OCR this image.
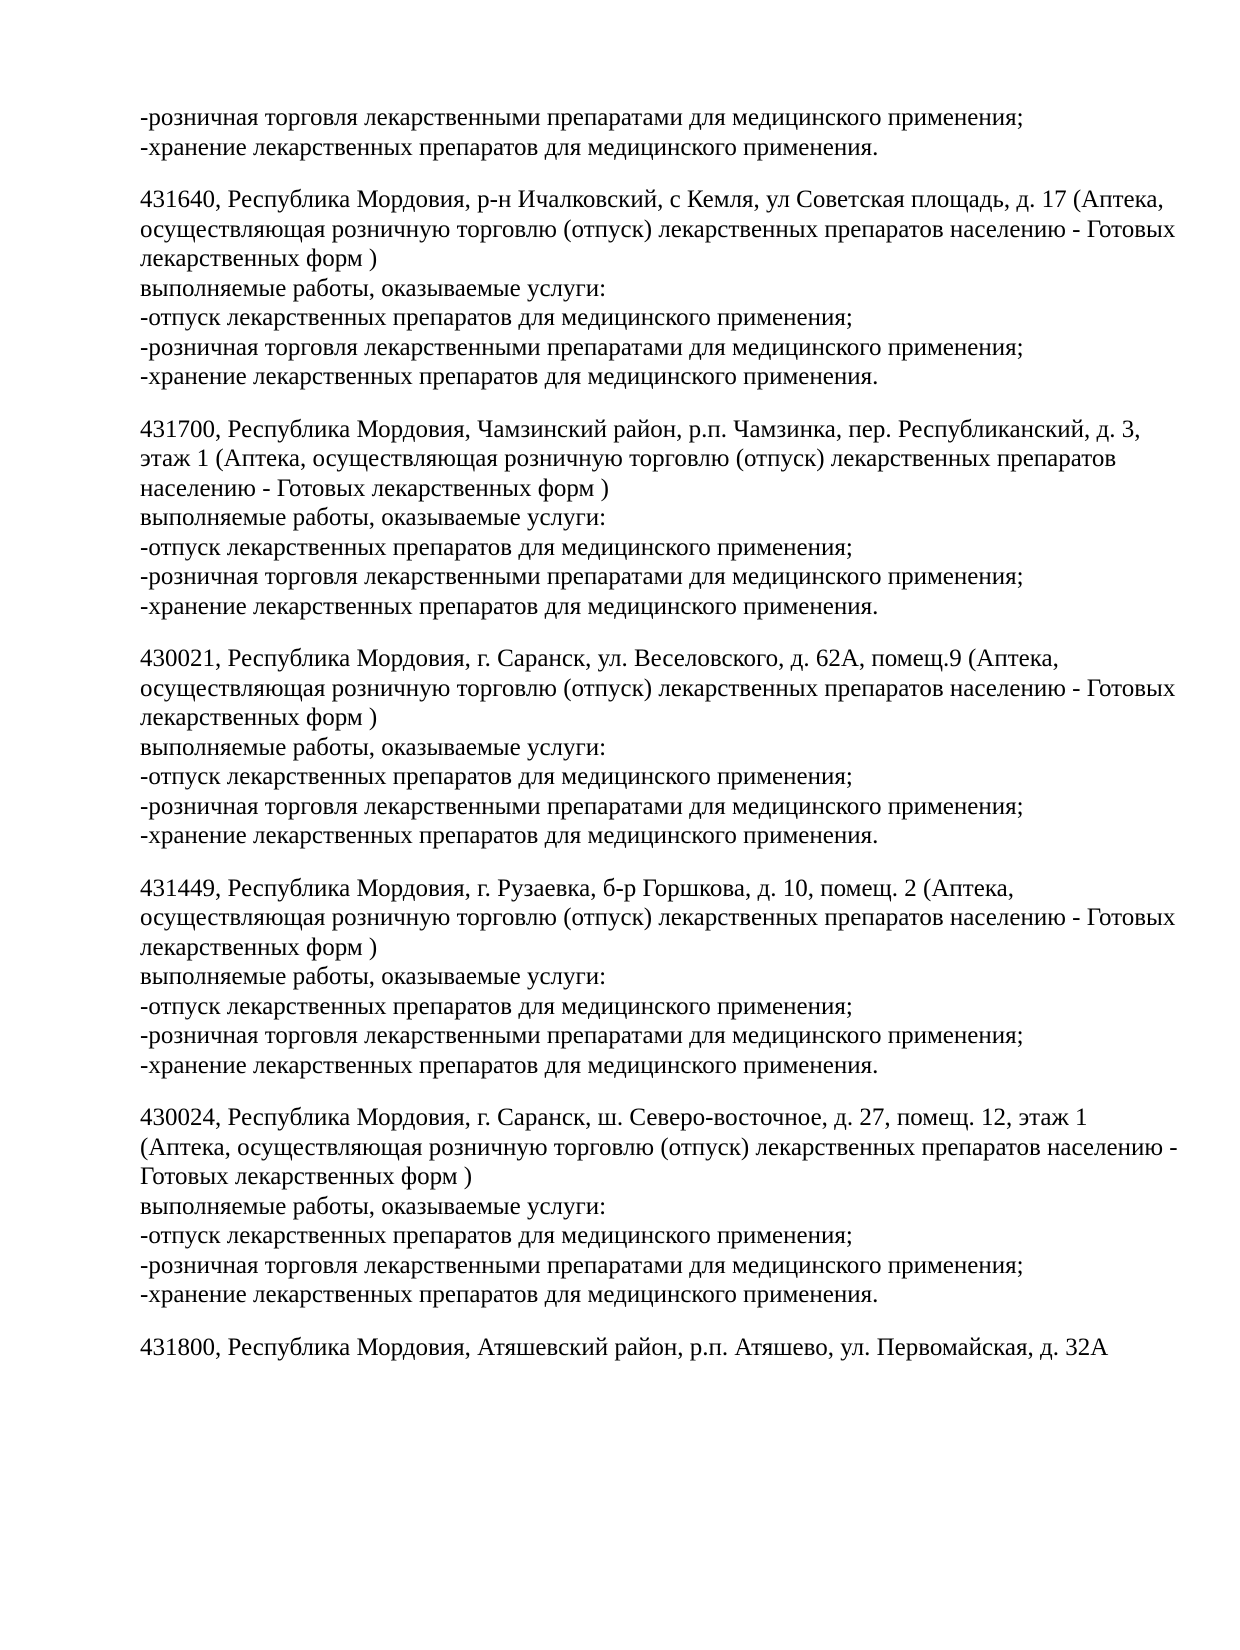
-розничная торговля лекарственными препаратами для медицинского применения;
-хранение лекарственных препаратов для медицинского применения.
431640, Республика Мордовия, р-н Ичалковский, с Кемля, ул Советская площадь, д. 17 (Аптека,
осуществляющая розничную торговлю (отпуск) лекарственных препаратов населению - Готовых
лекарственных форм )
выполняемые работы, оказываемые услуги:
-отпуск лекарственных препаратов для медицинского применения;
-розничная торговля лекарственными препаратами для медицинского применения;
-хранение лекарственных препаратов для медицинского применения.
431700, Республика Мордовия, Чамзинский район, р.п. Чамзинка, пер. Республиканский, д. 3,
этаж 1 (Аптека, осуществляющая розничную торговлю (отпуск) лекарственных препаратов
населению - Готовых лекарственных форм )
выполняемые работы, оказываемые услуги:
-отпуск лекарственных препаратов для медицинского применения;
-розничная торговля лекарственными препаратами для медицинского применения;
-хранение лекарственных препаратов для медицинского применения.
430021, Республика Мордовия, г. Саранск, ул. Веселовского, д. 62А, помещ.9 (Аптека,
осуществляющая розничную торговлю (отпуск) лекарственных препаратов населению - Готовых
лекарственных форм )
выполняемые работы, оказываемые услуги:
-отпуск лекарственных препаратов для медицинского применения;
-розничная торговля лекарственными препаратами для медицинского применения;
-хранение лекарственных препаратов для медицинского применения.
431449, Республика Мордовия, г. Рузаевка, б-р Горшкова, д. 10, помещ. 2 (Аптека,
осуществляющая розничную торговлю (отпуск) лекарственных препаратов населению - Готовых
лекарственных форм )
выполняемые работы, оказываемые услуги:
-отпуск лекарственных препаратов для медицинского применения;
-розничная торговля лекарственными препаратами для медицинского применения;
-хранение лекарственных препаратов для медицинского применения.
430024, Республика Мордовия, г. Саранск, ш. Северо-восточное, д. 27, помещ. 12, этаж 1
(Аптека, осуществляющая розничную торговлю (отпуск) лекарственных препаратов населению -
Готовых лекарственных форм )
выполняемые работы, оказываемые услуги:
-отпуск лекарственных препаратов для медицинского применения;
-розничная торговля лекарственными препаратами для медицинского применения;
-хранение лекарственных препаратов для медицинского применения.
431800, Республика Мордовия, Атяшевский район, р.п. Атяшево, ул. Первомайская, д. 32А
